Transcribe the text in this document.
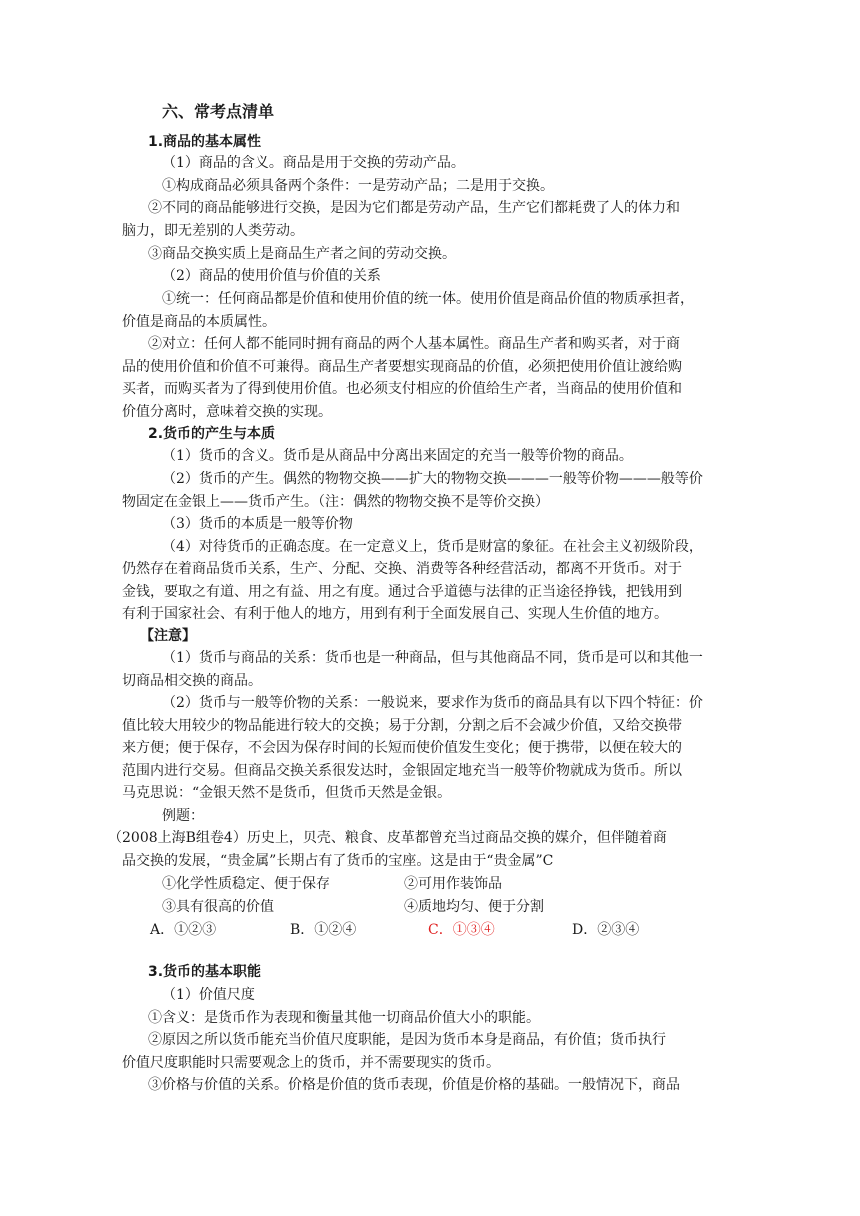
六、常考点清单
1.商品的基本属性
（1）商品的含义。商品是用于交换的劳动产品。
①构成商品必须具备两个条件：一是劳动产品；二是用于交换。
②不同的商品能够进行交换，是因为它们都是劳动产品，生产它们都耗费了人的体力和
脑力，即无差别的人类劳动。
③商品交换实质上是商品生产者之间的劳动交换。
（2）商品的使用价值与价值的关系
①统一：任何商品都是价值和使用价值的统一体。使用价值是商品价值的物质承担者，
价值是商品的本质属性。
②对立：任何人都不能同时拥有商品的两个人基本属性。商品生产者和购买者，对于商
品的使用价值和价值不可兼得。商品生产者要想实现商品的价值，必须把使用价值让渡给购
买者，而购买者为了得到使用价值。也必须支付相应的价值给生产者，当商品的使用价值和
价值分离时，意味着交换的实现。
2.货币的产生与本质
（1）货币的含义。货币是从商品中分离出来固定的充当一般等价物的商品。
（2）货币的产生。偶然的物物交换——扩大的物物交换———一般等价物———般等价
物固定在金银上——货币产生。（注：偶然的物物交换不是等价交换）
（3）货币的本质是一般等价物
（4）对待货币的正确态度。在一定意义上，货币是财富的象征。在社会主义初级阶段，
仍然存在着商品货币关系，生产、分配、交换、消费等各种经营活动，都离不开货币。对于
金钱，要取之有道、用之有益、用之有度。通过合乎道德与法律的正当途径挣钱，把钱用到
有利于国家社会、有利于他人的地方，用到有利于全面发展自己、实现人生价值的地方。
【注意】
（1）货币与商品的关系：货币也是一种商品，但与其他商品不同，货币是可以和其他一
切商品相交换的商品。
（2）货币与一般等价物的关系：一般说来，要求作为货币的商品具有以下四个特征：价
值比较大用较少的物品能进行较大的交换；易于分割，分割之后不会减少价值，又给交换带
来方便；便于保存，不会因为保存时间的长短而使价值发生变化；便于携带，以便在较大的
范围内进行交易。但商品交换关系很发达时，金银固定地充当一般等价物就成为货币。所以
马克思说：“金银天然不是货币，但货币天然是金银。
例题：
（2008上海B组卷4）历史上，贝壳、粮食、皮革都曾充当过商品交换的媒介，但伴随着商
品交换的发展，“贵金属”长期占有了货币的宝座。这是由于“贵金属”C
①化学性质稳定、便于保存	②可用作装饰品
③具有很高的价值	④质地均匀、便于分割
A．①②③	B．①②④	C．①③④	D．②③④
3.货币的基本职能
（1）价值尺度
①含义：是货币作为表现和衡量其他一切商品价值大小的职能。
②原因之所以货币能充当价值尺度职能，是因为货币本身是商品，有价值；货币执行
价值尺度职能时只需要观念上的货币，并不需要现实的货币。
③价格与价值的关系。价格是价值的货币表现，价值是价格的基础。一般情况下，商品
